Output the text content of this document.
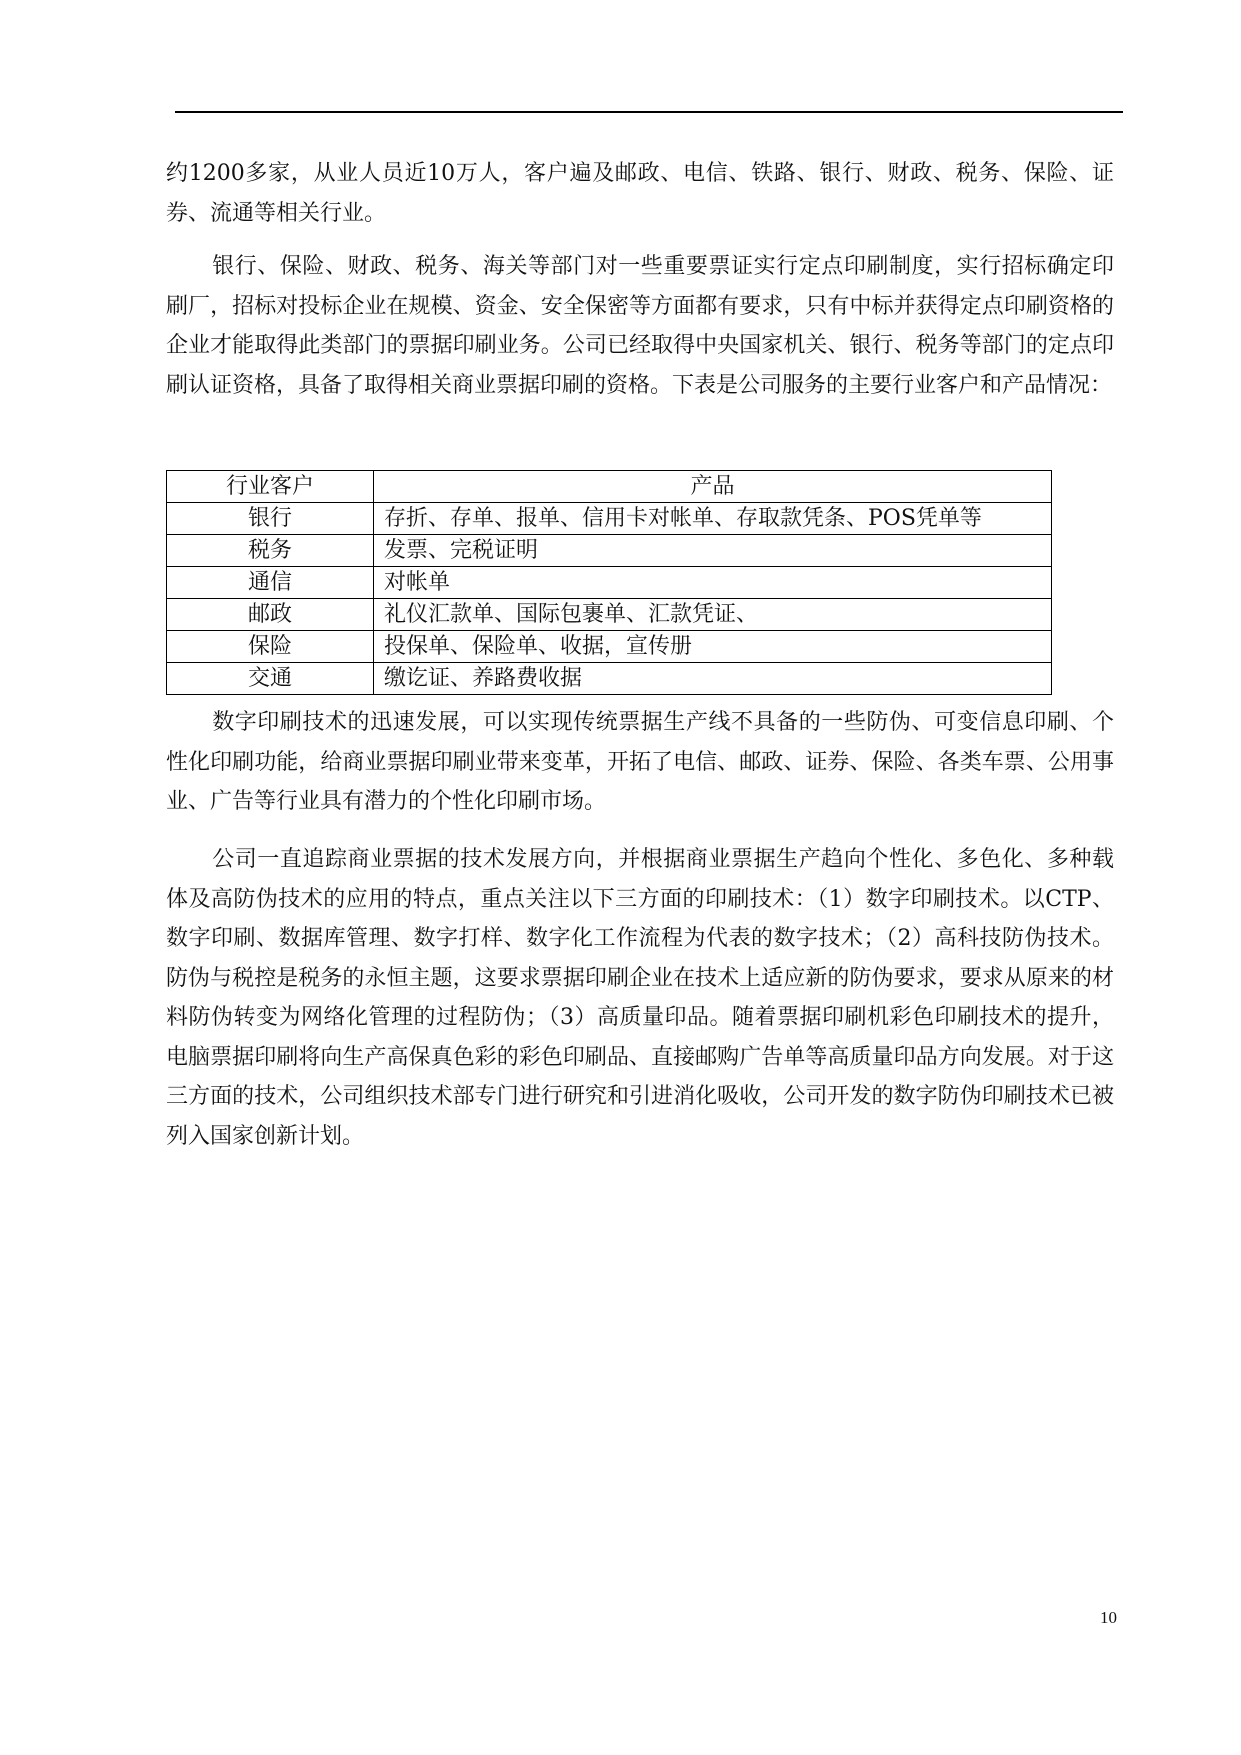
约1200多家，从业人员近10万人，客户遍及邮政、电信、铁路、银行、财政、税务、保险、证券、流通等相关行业。

银行、保险、财政、税务、海关等部门对一些重要票证实行定点印刷制度，实行招标确定印刷厂，招标对投标企业在规模、资金、安全保密等方面都有要求，只有中标并获得定点印刷资格的企业才能取得此类部门的票据印刷业务。公司已经取得中央国家机关、银行、税务等部门的定点印刷认证资格，具备了取得相关商业票据印刷的资格。下表是公司服务的主要行业客户和产品情况：

行业客户	产品
银行	存折、存单、报单、信用卡对帐单、存取款凭条、POS凭单等
税务	发票、完税证明
通信	对帐单
邮政	礼仪汇款单、国际包裹单、汇款凭证、
保险	投保单、保险单、收据，宣传册
交通	缴讫证、养路费收据

数字印刷技术的迅速发展，可以实现传统票据生产线不具备的一些防伪、可变信息印刷、个性化印刷功能，给商业票据印刷业带来变革，开拓了电信、邮政、证券、保险、各类车票、公用事业、广告等行业具有潜力的个性化印刷市场。

公司一直追踪商业票据的技术发展方向，并根据商业票据生产趋向个性化、多色化、多种载体及高防伪技术的应用的特点，重点关注以下三方面的印刷技术：（1）数字印刷技术。以CTP、数字印刷、数据库管理、数字打样、数字化工作流程为代表的数字技术；（2）高科技防伪技术。防伪与税控是税务的永恒主题，这要求票据印刷企业在技术上适应新的防伪要求，要求从原来的材料防伪转变为网络化管理的过程防伪；（3）高质量印品。随着票据印刷机彩色印刷技术的提升，电脑票据印刷将向生产高保真色彩的彩色印刷品、直接邮购广告单等高质量印品方向发展。对于这三方面的技术，公司组织技术部专门进行研究和引进消化吸收，公司开发的数字防伪印刷技术已被列入国家创新计划。

10
